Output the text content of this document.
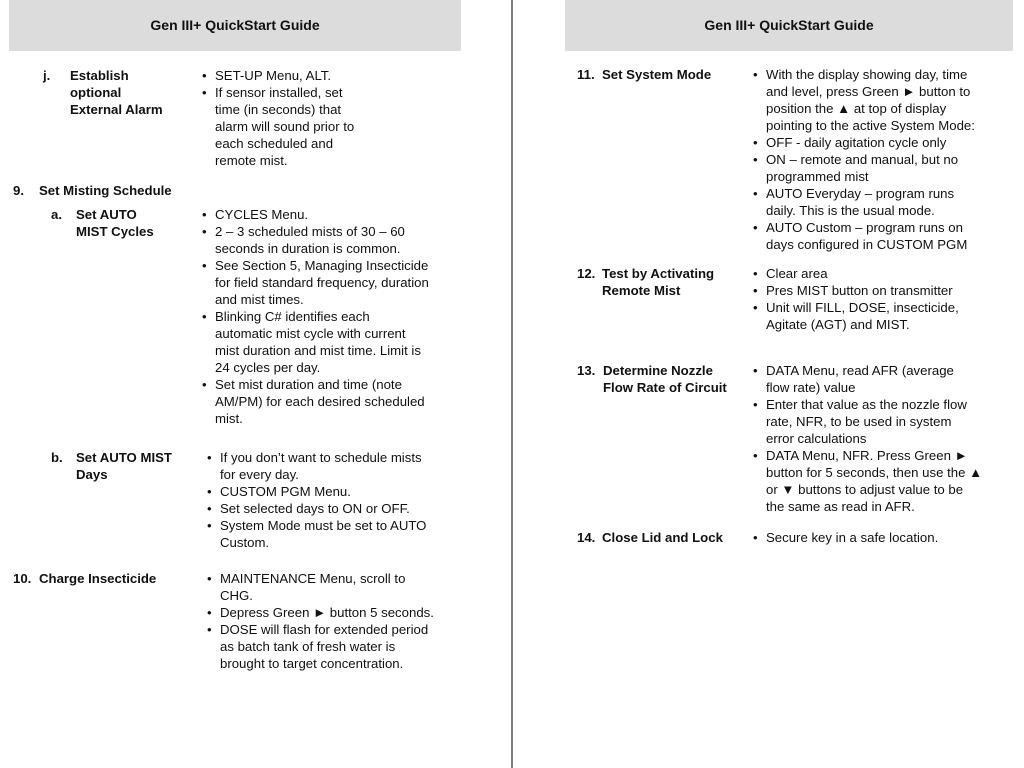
Gen III+ QuickStart Guide	Gen III+ QuickStart Guide
j. Establish
optional
External Alarm
• SET-UP Menu, ALT.
• If sensor installed, set
time (in seconds) that
alarm will sound prior to
each scheduled and
remote mist.
9. Set Misting Schedule
a. Set AUTO
MIST Cycles
• CYCLES Menu.
• 2 – 3 scheduled mists of 30 – 60
seconds in duration is common.
• See Section 5, Managing Insecticide
for field standard frequency, duration
and mist times.
• Blinking C# identifies each
automatic mist cycle with current
mist duration and mist time. Limit is
24 cycles per day.
• Set mist duration and time (note
AM/PM) for each desired scheduled
mist.
b. Set AUTO MIST
Days
• If you don’t want to schedule mists
for every day.
• CUSTOM PGM Menu.
• Set selected days to ON or OFF.
• System Mode must be set to AUTO
Custom.
10. Charge Insecticide	• MAINTENANCE Menu, scroll to
CHG.
• Depress Green ► button 5 seconds.
• DOSE will flash for extended period
as batch tank of fresh water is
brought to target concentration.
11. Set System Mode	• With the display showing day, time
and level, press Green ► button to
position the ▲ at top of display
pointing to the active System Mode:
• OFF - daily agitation cycle only
• ON – remote and manual, but no
programmed mist
• AUTO Everyday – program runs
daily. This is the usual mode.
• AUTO Custom – program runs on
days configured in CUSTOM PGM
12. Test by Activating
Remote Mist
• Clear area
• Pres MIST button on transmitter
• Unit will FILL, DOSE, insecticide,
Agitate (AGT) and MIST.
13. Determine Nozzle
Flow Rate of Circuit
• DATA Menu, read AFR (average
flow rate) value
• Enter that value as the nozzle flow
rate, NFR, to be used in system
error calculations
• DATA Menu, NFR. Press Green ►
button for 5 seconds, then use the ▲
or ▼ buttons to adjust value to be
the same as read in AFR.
14. Close Lid and Lock	• Secure key in a safe location.
